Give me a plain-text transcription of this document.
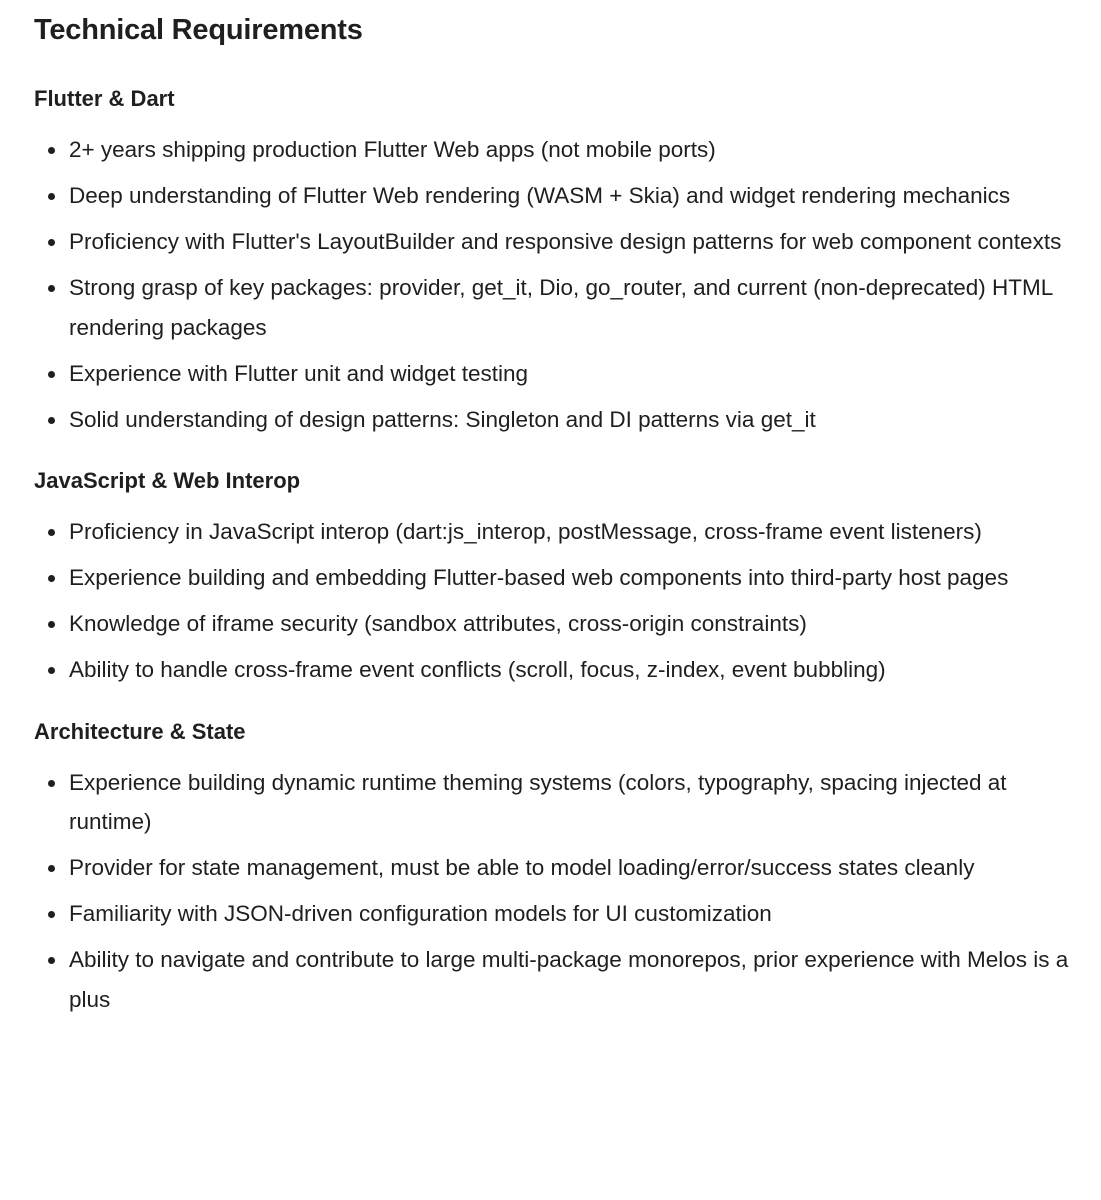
Technical Requirements
Flutter & Dart
2+ years shipping production Flutter Web apps (not mobile ports)
Deep understanding of Flutter Web rendering (WASM + Skia) and widget rendering mechanics
Proficiency with Flutter's LayoutBuilder and responsive design patterns for web component contexts
Strong grasp of key packages: provider, get_it, Dio, go_router, and current (non-deprecated) HTML rendering packages
Experience with Flutter unit and widget testing
Solid understanding of design patterns: Singleton and DI patterns via get_it
JavaScript & Web Interop
Proficiency in JavaScript interop (dart:js_interop, postMessage, cross-frame event listeners)
Experience building and embedding Flutter-based web components into third-party host pages
Knowledge of iframe security (sandbox attributes, cross-origin constraints)
Ability to handle cross-frame event conflicts (scroll, focus, z-index, event bubbling)
Architecture & State
Experience building dynamic runtime theming systems (colors, typography, spacing injected at runtime)
Provider for state management, must be able to model loading/error/success states cleanly
Familiarity with JSON-driven configuration models for UI customization
Ability to navigate and contribute to large multi-package monorepos, prior experience with Melos is a plus
